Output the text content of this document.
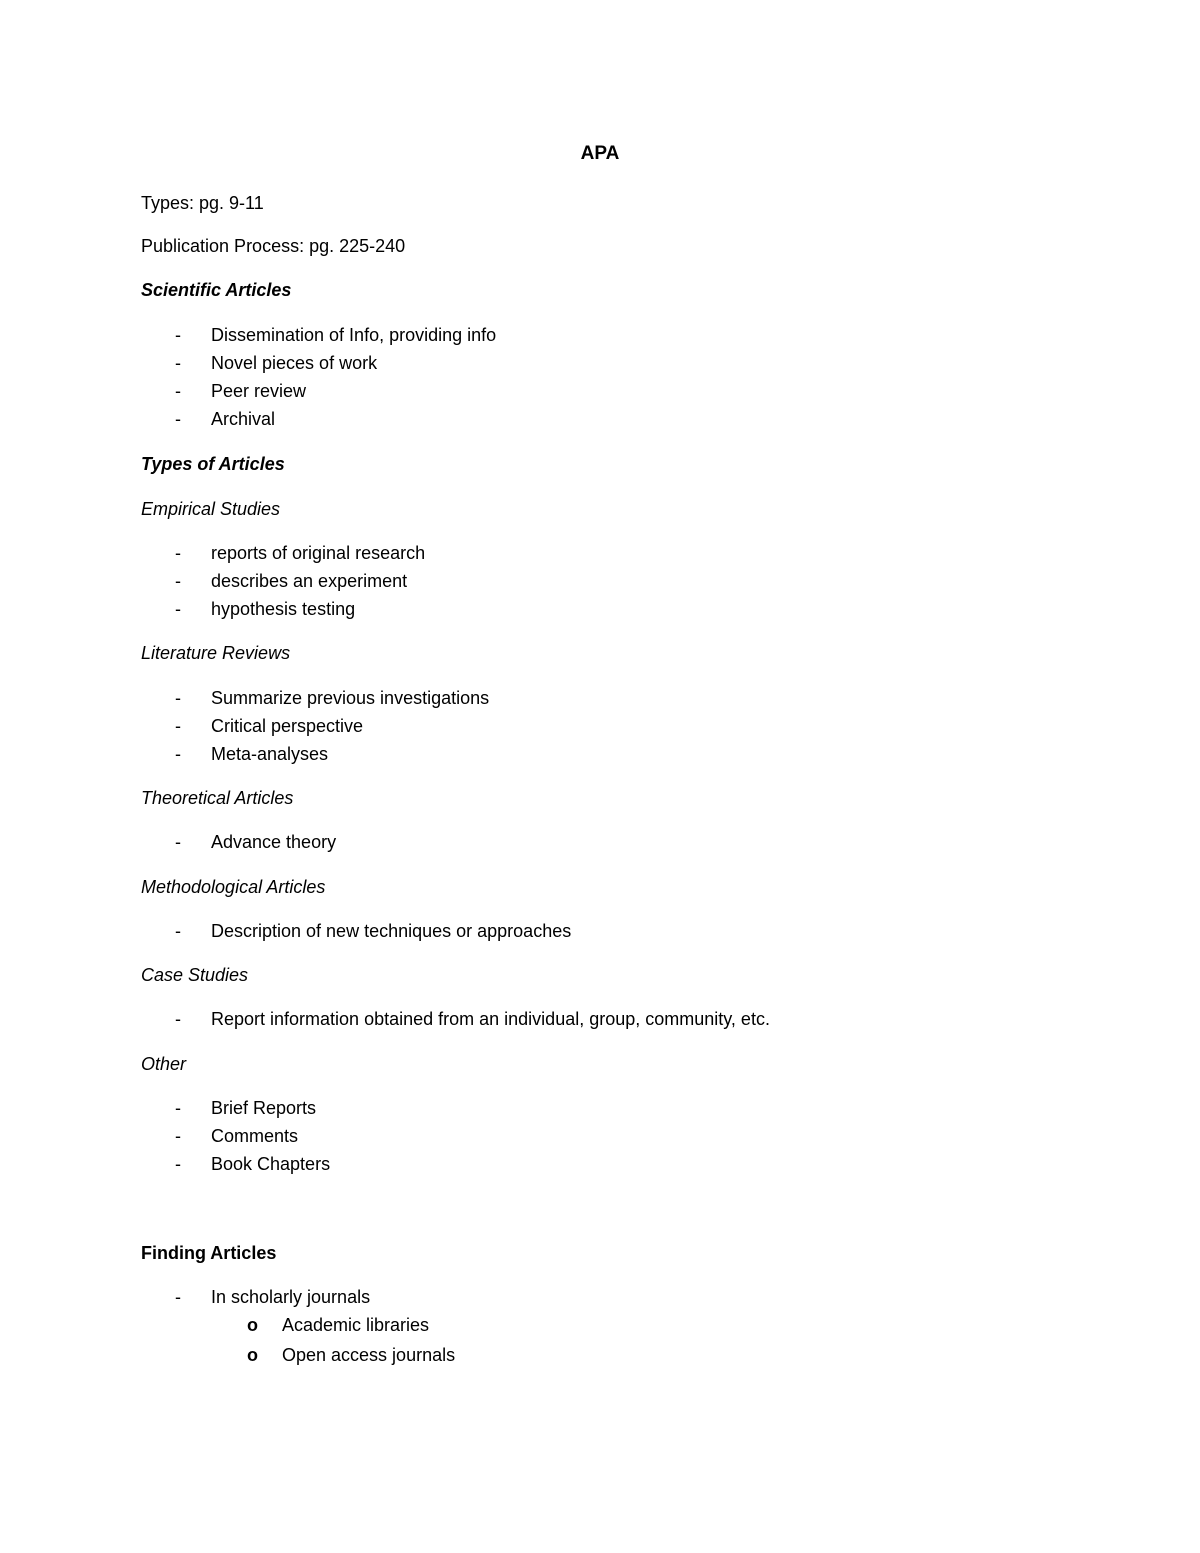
APA
Types: pg. 9-11
Publication Process: pg. 225-240
Scientific Articles
- Dissemination of Info, providing info
- Novel pieces of work
- Peer review
- Archival
Types of Articles
Empirical Studies
- reports of original research
- describes an experiment
- hypothesis testing
Literature Reviews
- Summarize previous investigations
- Critical perspective
- Meta-analyses
Theoretical Articles
- Advance theory
Methodological Articles
- Description of new techniques or approaches
Case Studies
- Report information obtained from an individual, group, community, etc.
Other
- Brief Reports
- Comments
- Book Chapters
Finding Articles
- In scholarly journals
o Academic libraries
o Open access journals
